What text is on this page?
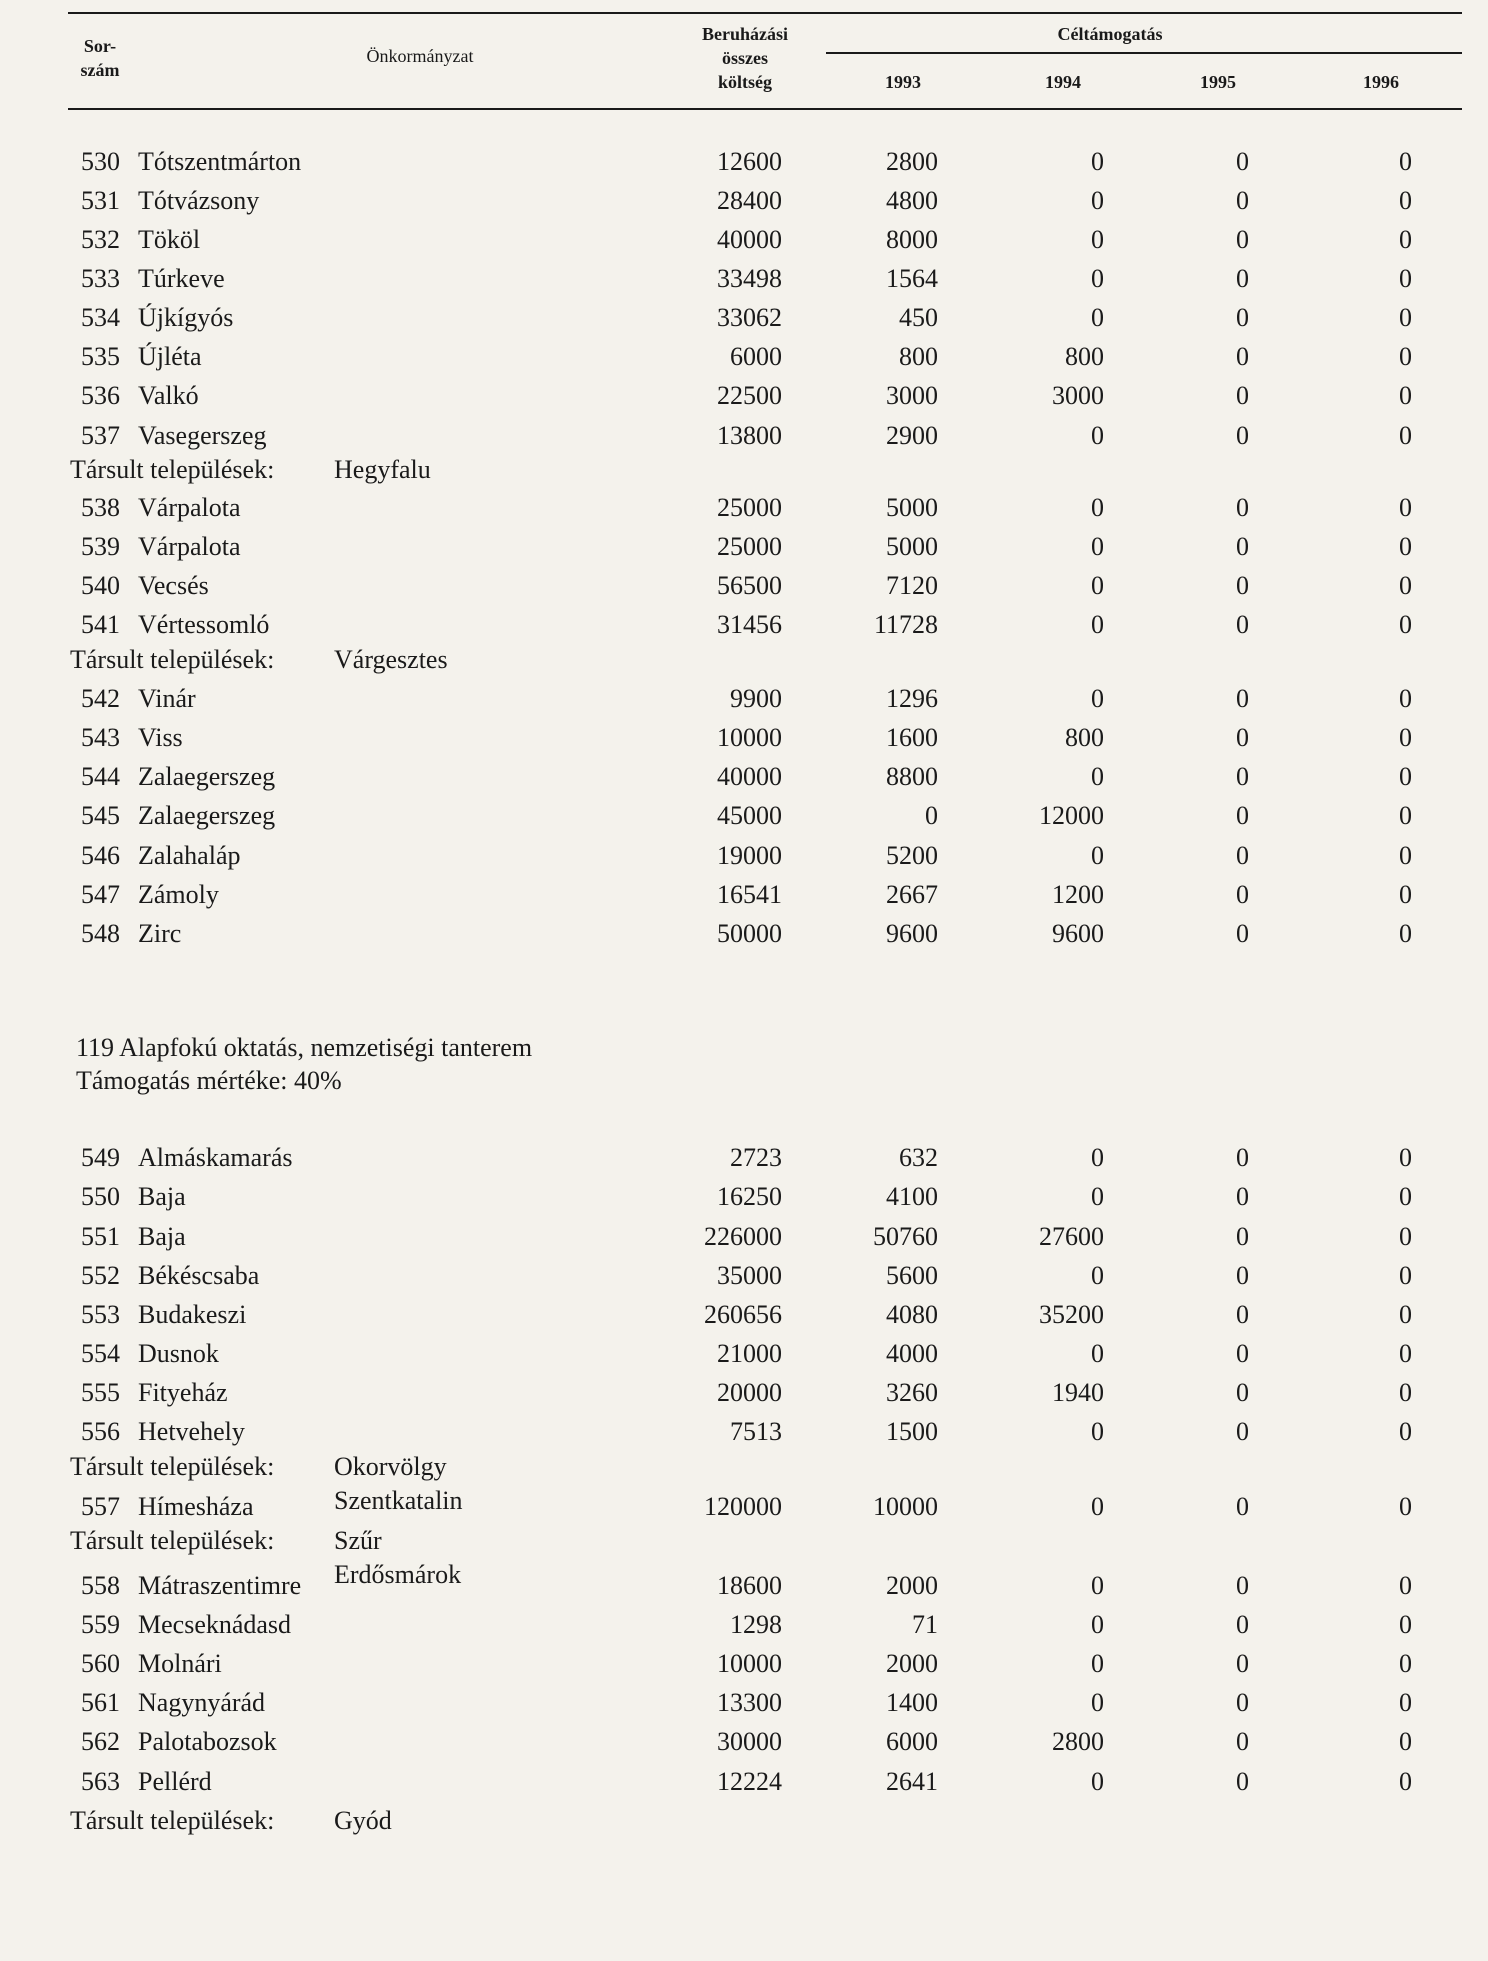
Sor-
szám
Önkormányzat
Beruházási
összes
költség
Céltámogatás
1993	1994	1995	1996
530 Tótszentmárton	12600	2800	0	0	0
531 Tótvázsony	28400	4800	0	0	0
532 Tököl	40000	8000	0	0	0
533 Túrkeve	33498	1564	0	0	0
534 Újkígyós	33062	450	0	0	0
535 Újléta	6000	800	800	0	0
536 Valkó	22500	3000	3000	0	0
537 Vasegerszeg	13800	2900	0	0	0
Társult települések: Hegyfalu
538 Várpalota	25000	5000	0	0	0
539 Várpalota	25000	5000	0	0	0
540 Vecsés	56500	7120	0	0	0
541 Vértessomló	31456	11728	0	0	0
Társult települések: Várgesztes
542 Vinár	9900	1296	0	0	0
543 Viss	10000	1600	800	0	0
544 Zalaegerszeg	40000	8800	0	0	0
545 Zalaegerszeg	45000	0	12000	0	0
546 Zalahaláp	19000	5200	0	0	0
547 Zámoly	16541	2667	1200	0	0
548 Zirc	50000	9600	9600	0	0
119 Alapfokú oktatás, nemzetiségi tanterem
Támogatás mértéke: 40%
549 Almáskamarás	2723	632	0	0	0
550 Baja	16250	4100	0	0	0
551 Baja	226000	50760	27600	0	0
552 Békéscsaba	35000	5600	0	0	0
553 Budakeszi	260656	4080	35200	0	0
554 Dusnok	21000	4000	0	0	0
555 Fityeház	20000	3260	1940	0	0
556 Hetvehely	7513	1500	0	0	0
Társult települések: Okorvölgy
Szentkatalin
557 Hímesháza	120000	10000	0	0	0
Társult települések: Szűr
Erdősmárok
558 Mátraszentimre	18600	2000	0	0	0
559 Mecseknádasd	1298	71	0	0	0
560 Molnári	10000	2000	0	0	0
561 Nagynyárád	13300	1400	0	0	0
562 Palotabozsok	30000	6000	2800	0	0
563 Pellérd	12224	2641	0	0	0
Társult települések: Gyód
